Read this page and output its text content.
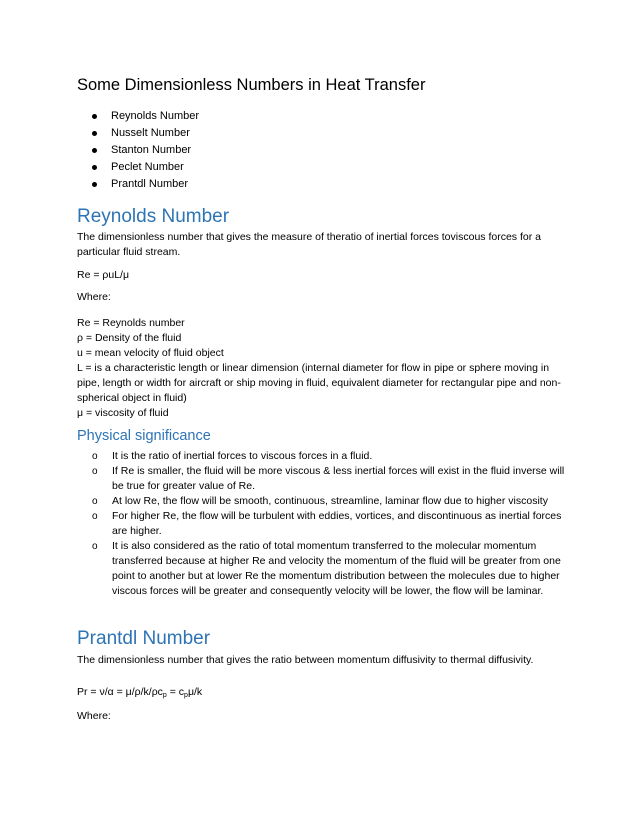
Some Dimensionless Numbers in Heat Transfer
Reynolds Number
Nusselt Number
Stanton Number
Peclet Number
Prantdl Number
Reynolds Number

The dimensionless number that gives the measure of theratio of inertial forces toviscous forces for a particular fluid stream.

Re = ρuL/μ
Where:
Re = Reynolds number
ρ = Density of the fluid
u = mean velocity of fluid object
L = is a characteristic length or linear dimension (internal diameter for flow in pipe or sphere moving in pipe, length or width for aircraft or ship moving in fluid, equivalent diameter for rectangular pipe and non-spherical object in fluid)
μ = viscosity of fluid
Physical significance
o It is the ratio of inertial forces to viscous forces in a fluid.
o If Re is smaller, the fluid will be more viscous & less inertial forces will exist in the fluid inverse will be true for greater value of Re.
o At low Re, the flow will be smooth, continuous, streamline, laminar flow due to higher viscosity
o For higher Re, the flow will be turbulent with eddies, vortices, and discontinuous as inertial forces are higher.
o It is also considered as the ratio of total momentum transferred to the molecular momentum transferred because at higher Re and velocity the momentum of the fluid will be greater from one point to another but at lower Re the momentum distribution between the molecules due to higher viscous forces will be greater and consequently velocity will be lower, the flow will be laminar.
Prantdl Number

The dimensionless number that gives the ratio between momentum diffusivity to thermal diffusivity.

$Pr = \nu/\alpha = \mu/\rho/k/\rho c_p = c_p\mu/k$
Where:
